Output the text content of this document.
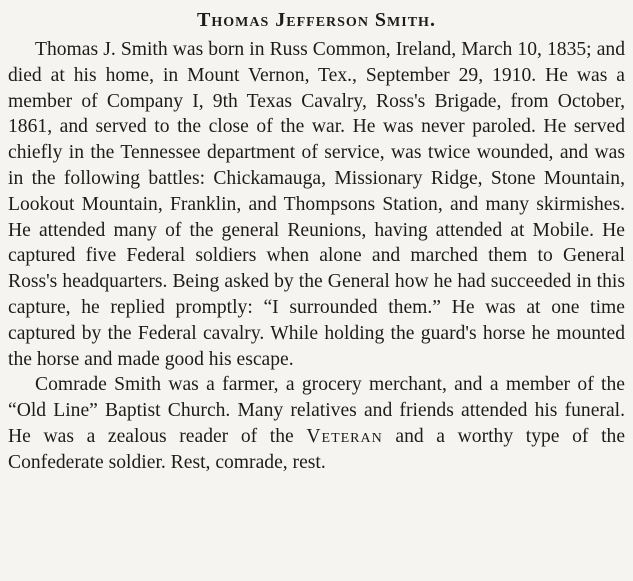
Thomas Jefferson Smith.

Thomas J. Smith was born in Russ Common, Ireland, March 10, 1835; and died at his home, in Mount Vernon, Tex., September 29, 1910. He was a member of Company I, 9th Texas Cavalry, Ross's Brigade, from October, 1861, and served to the close of the war. He was never paroled. He served chiefly in the Tennessee department of service, was twice wounded, and was in the following battles: Chickamauga, Missionary Ridge, Stone Mountain, Lookout Mountain, Franklin, and Thompsons Station, and many skirmishes. He attended many of the general Reunions, having attended at Mobile. He captured five Federal soldiers when alone and marched them to General Ross's headquarters. Being asked by the General how he had succeeded in this capture, he replied promptly: “I surrounded them.” He was at one time captured by the Federal cavalry. While holding the guard's horse he mounted the horse and made good his escape.

Comrade Smith was a farmer, a grocery merchant, and a member of the “Old Line” Baptist Church. Many relatives and friends attended his funeral. He was a zealous reader of the Veteran and a worthy type of the Confederate soldier. Rest, comrade, rest.
